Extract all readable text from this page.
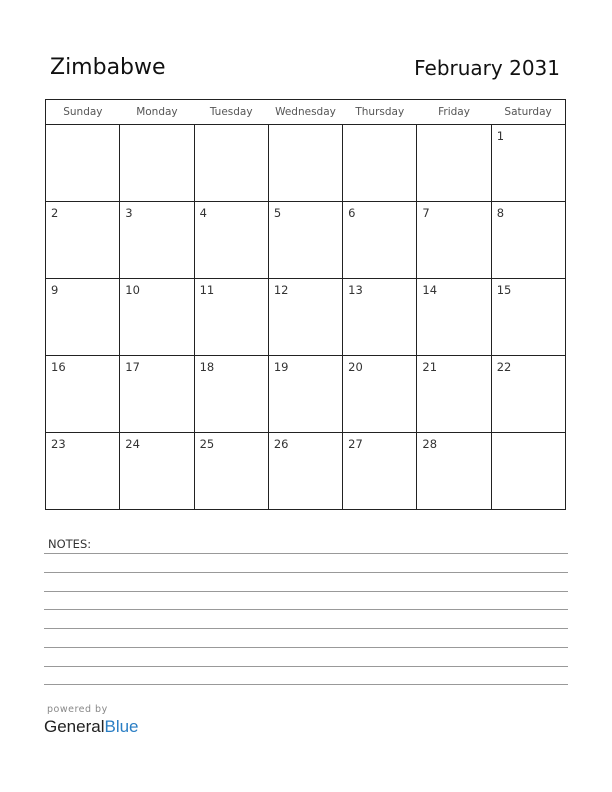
Zimbabwe	February 2031
Sunday	Monday	Tuesday	Wednesday	Thursday	Friday	Saturday

						1

2	3	4	5	6	7	8

9	10	11	12	13	14	15

16	17	18	19	20	21	22

23	24	25	26	27	28	

NOTES:
powered by
GeneralBlue
